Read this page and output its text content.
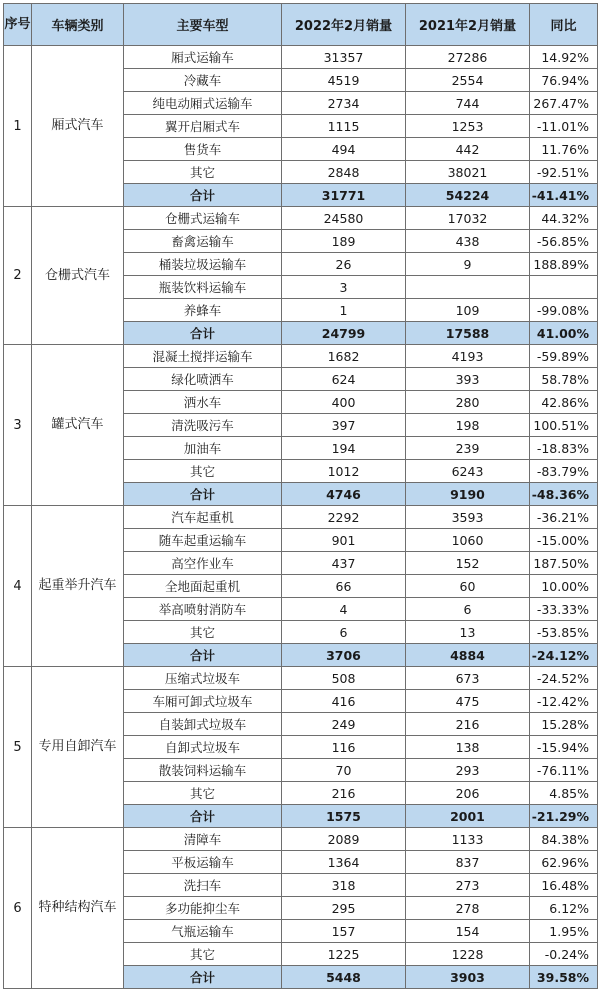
序号	车辆类别	主要车型	2022年2月销量	2021年2月销量	同比
1	厢式汽车	厢式运输车	31357	27286	14.92%
		冷藏车	4519	2554	76.94%
		纯电动厢式运输车	2734	744	267.47%
		翼开启厢式车	1115	1253	-11.01%
		售货车	494	442	11.76%
		其它	2848	38021	-92.51%
		合计	31771	54224	-41.41%
2	仓栅式汽车	仓栅式运输车	24580	17032	44.32%
		畜禽运输车	189	438	-56.85%
		桶装垃圾运输车	26	9	188.89%
		瓶装饮料运输车	3		
		养蜂车	1	109	-99.08%
		合计	24799	17588	41.00%
3	罐式汽车	混凝土搅拌运输车	1682	4193	-59.89%
		绿化喷洒车	624	393	58.78%
		洒水车	400	280	42.86%
		清洗吸污车	397	198	100.51%
		加油车	194	239	-18.83%
		其它	1012	6243	-83.79%
		合计	4746	9190	-48.36%
4	起重举升汽车	汽车起重机	2292	3593	-36.21%
		随车起重运输车	901	1060	-15.00%
		高空作业车	437	152	187.50%
		全地面起重机	66	60	10.00%
		举高喷射消防车	4	6	-33.33%
		其它	6	13	-53.85%
		合计	3706	4884	-24.12%
5	专用自卸汽车	压缩式垃圾车	508	673	-24.52%
		车厢可卸式垃圾车	416	475	-12.42%
		自装卸式垃圾车	249	216	15.28%
		自卸式垃圾车	116	138	-15.94%
		散装饲料运输车	70	293	-76.11%
		其它	216	206	4.85%
		合计	1575	2001	-21.29%
6	特种结构汽车	清障车	2089	1133	84.38%
		平板运输车	1364	837	62.96%
		洗扫车	318	273	16.48%
		多功能抑尘车	295	278	6.12%
		气瓶运输车	157	154	1.95%
		其它	1225	1228	-0.24%
		合计	5448	3903	39.58%
